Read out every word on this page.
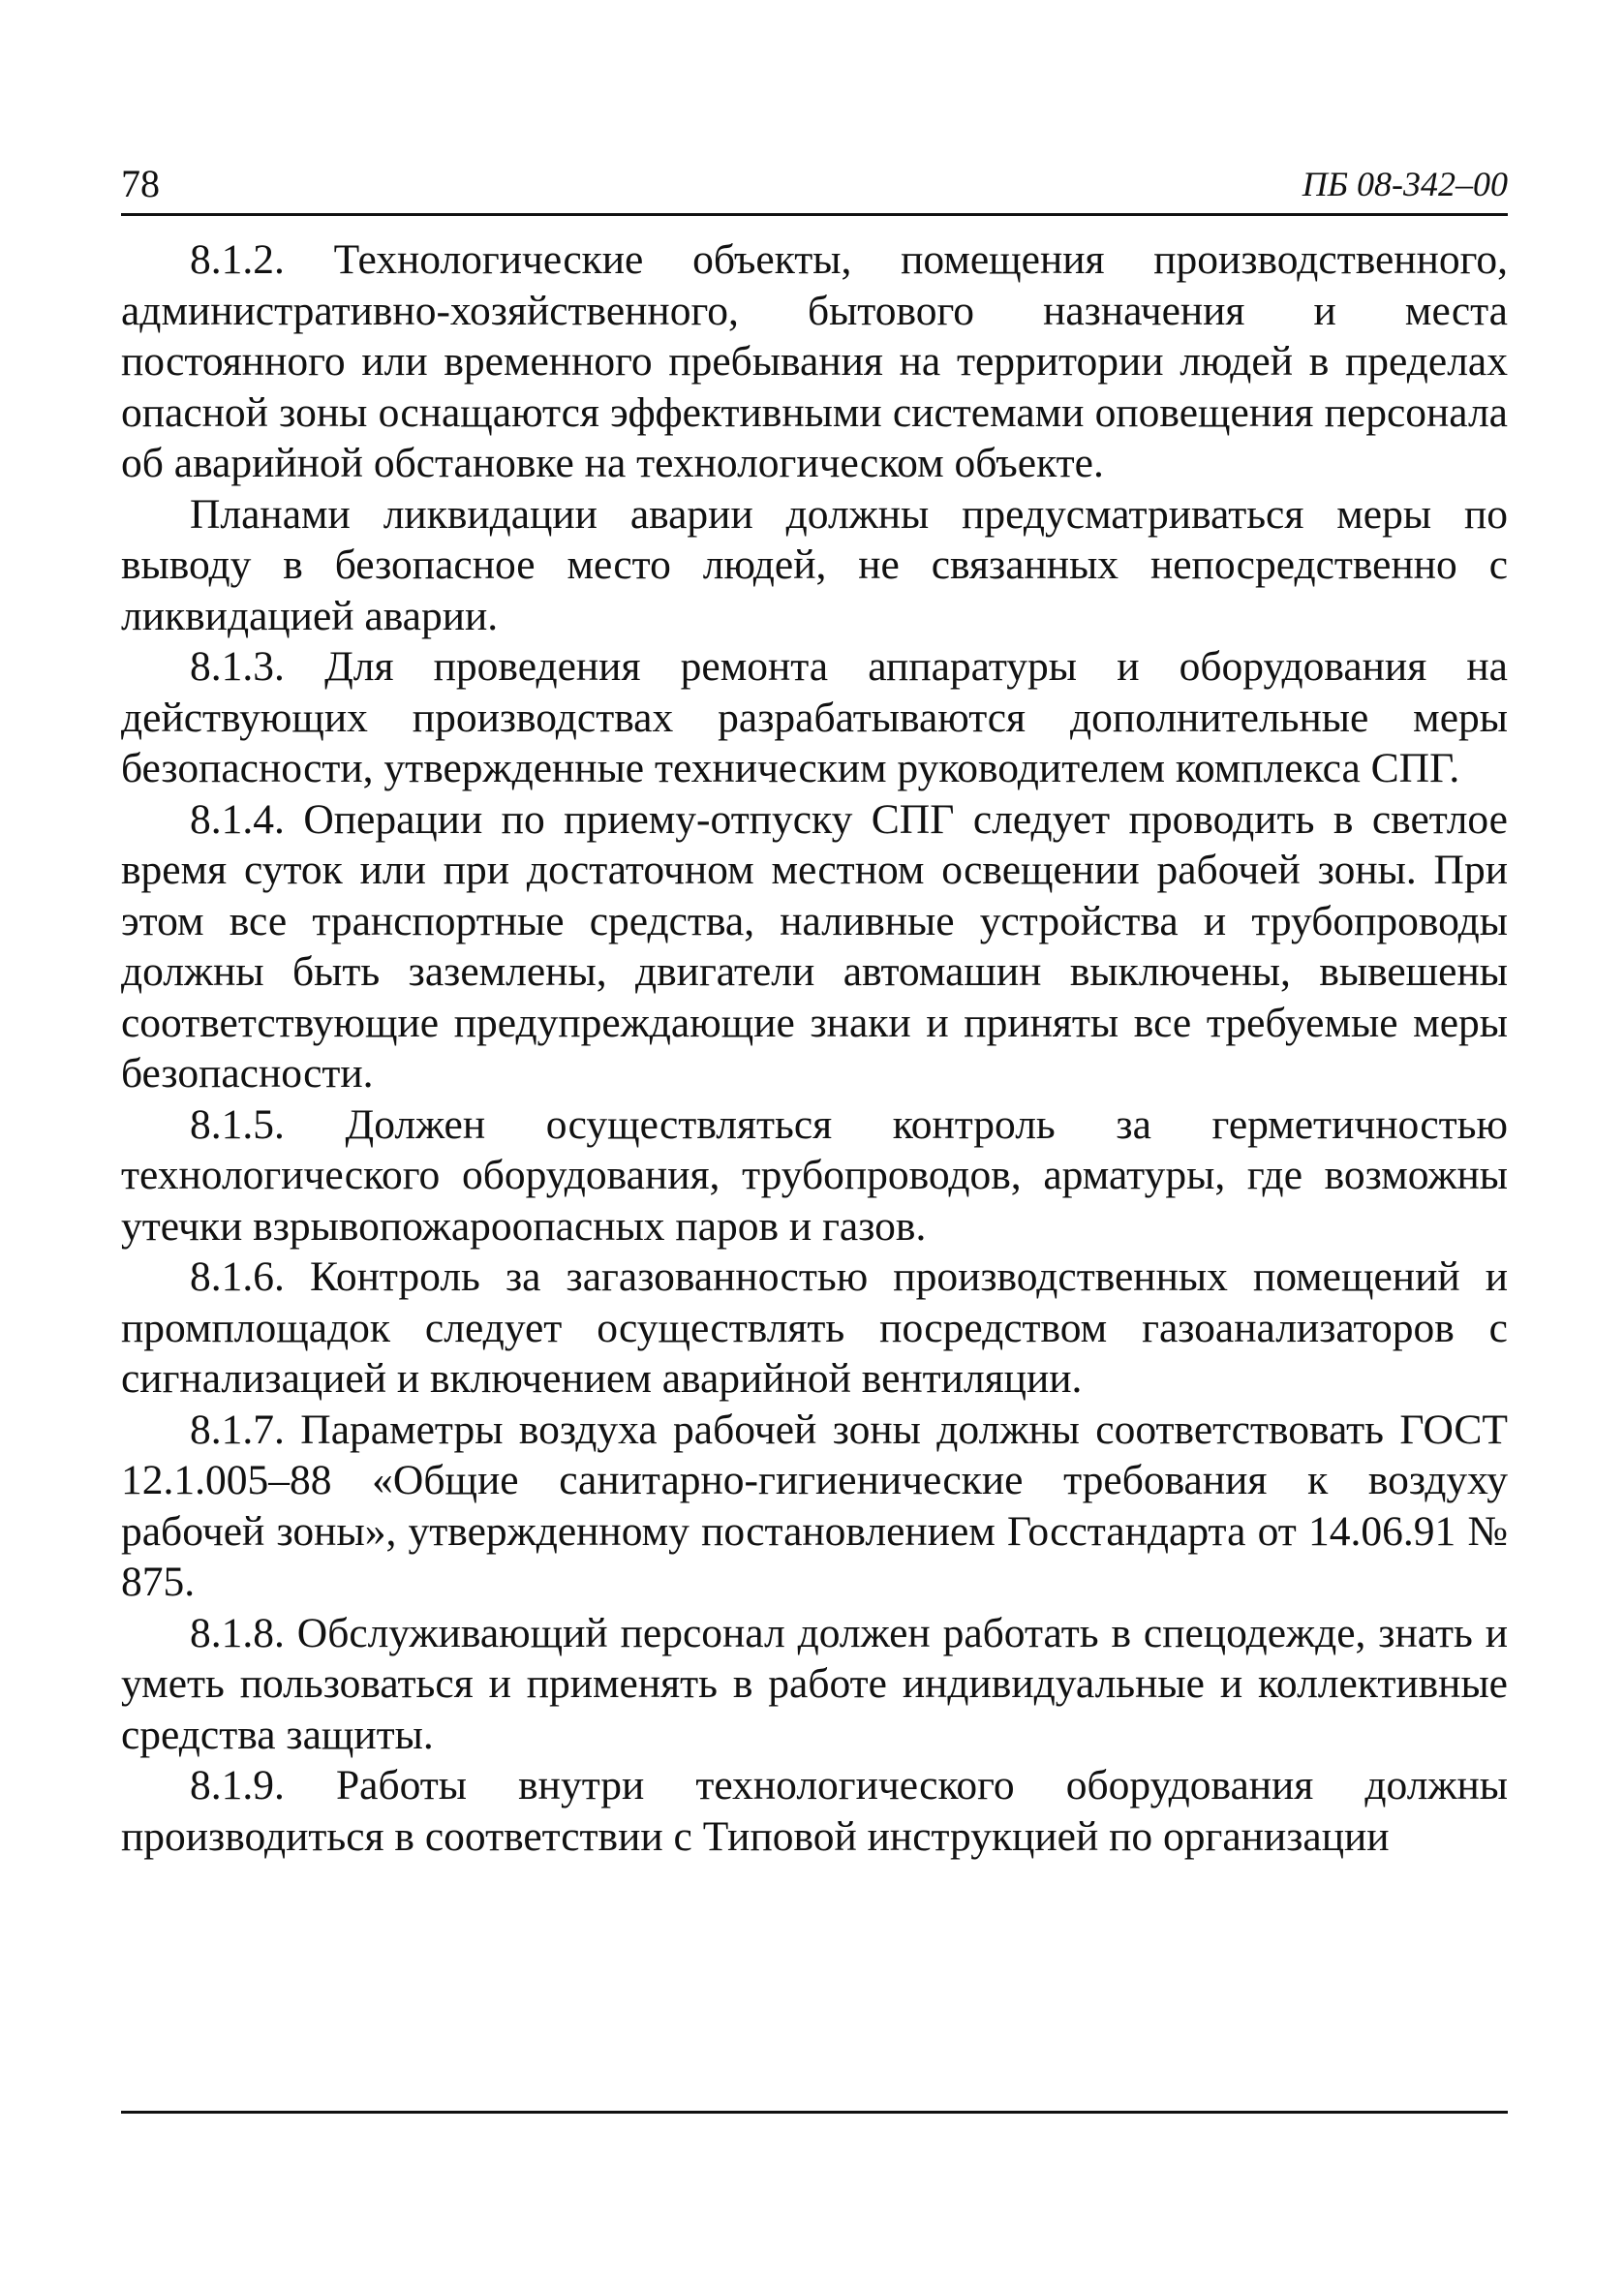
78	ПБ 08-342–00

8.1.2. Технологические объекты, помещения производственного, административно-хозяйственного, бытового назначения и места постоянного или временного пребывания на территории людей в пределах опасной зоны оснащаются эффективными системами оповещения персонала об аварийной обстановке на технологическом объекте.

Планами ликвидации аварии должны предусматриваться меры по выводу в безопасное место людей, не связанных непосредственно с ликвидацией аварии.

8.1.3. Для проведения ремонта аппаратуры и оборудования на действующих производствах разрабатываются дополнительные меры безопасности, утвержденные техническим руководителем комплекса СПГ.

8.1.4. Операции по приему-отпуску СПГ следует проводить в светлое время суток или при достаточном местном освещении рабочей зоны. При этом все транспортные средства, наливные устройства и трубопроводы должны быть заземлены, двигатели автомашин выключены, вывешены соответствующие предупреждающие знаки и приняты все требуемые меры безопасности.

8.1.5. Должен осуществляться контроль за герметичностью технологического оборудования, трубопроводов, арматуры, где возможны утечки взрывопожароопасных паров и газов.

8.1.6. Контроль за загазованностью производственных помещений и промплощадок следует осуществлять посредством газоанализаторов с сигнализацией и включением аварийной вентиляции.

8.1.7. Параметры воздуха рабочей зоны должны соответствовать ГОСТ 12.1.005–88 «Общие санитарно-гигиенические требования к воздуху рабочей зоны», утвержденному постановлением Госстандарта от 14.06.91 № 875.

8.1.8. Обслуживающий персонал должен работать в спецодежде, знать и уметь пользоваться и применять в работе индивидуальные и коллективные средства защиты.

8.1.9. Работы внутри технологического оборудования должны производиться в соответствии с Типовой инструкцией по организации
